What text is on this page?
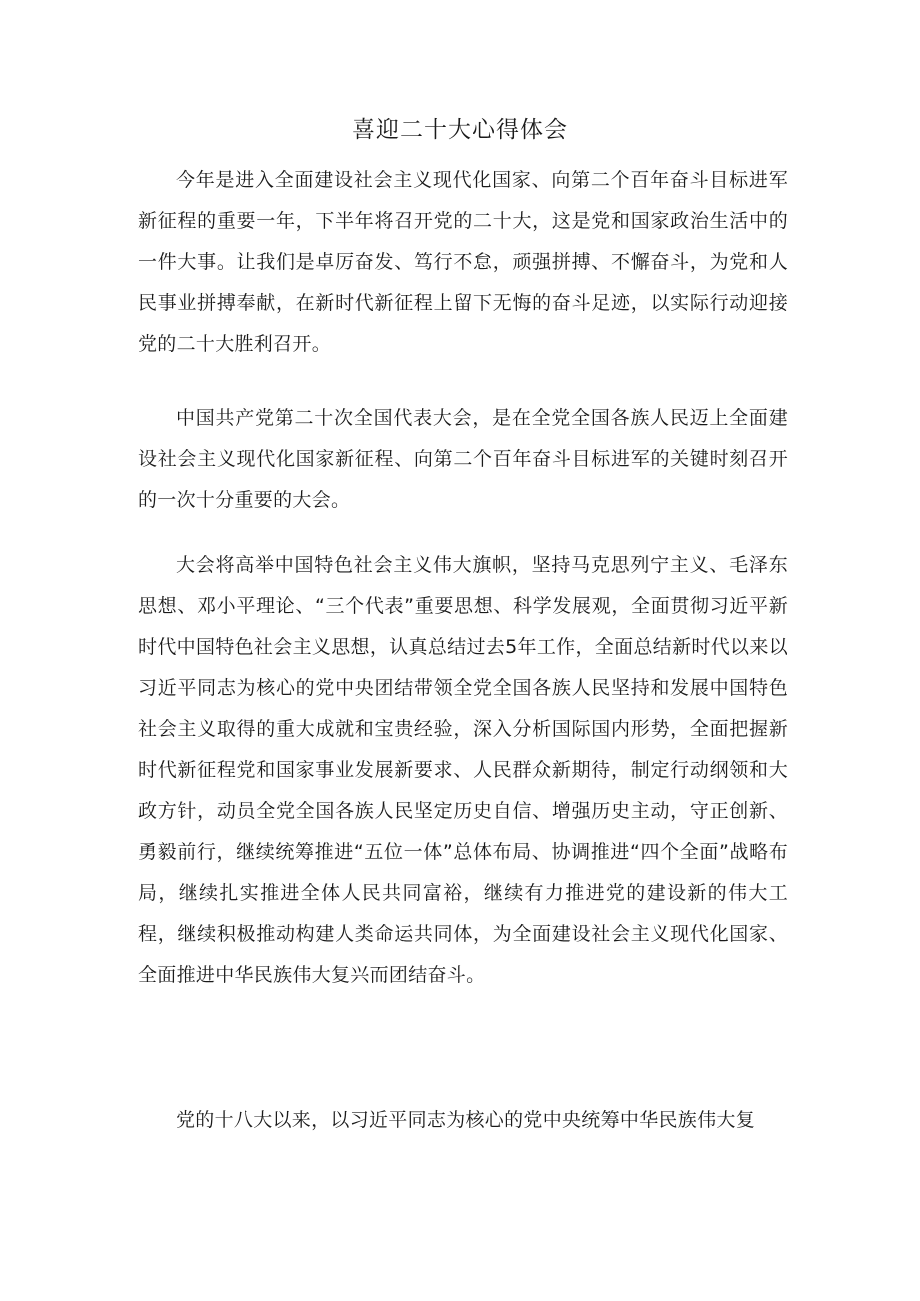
喜迎二十大心得体会

今年是进入全面建设社会主义现代化国家、向第二个百年奋斗目标进军新征程的重要一年，下半年将召开党的二十大，这是党和国家政治生活中的一件大事。让我们是卓厉奋发、笃行不怠，顽强拼搏、不懈奋斗，为党和人民事业拼搏奉献，在新时代新征程上留下无悔的奋斗足迹，以实际行动迎接党的二十大胜利召开。

中国共产党第二十次全国代表大会，是在全党全国各族人民迈上全面建设社会主义现代化国家新征程、向第二个百年奋斗目标进军的关键时刻召开的一次十分重要的大会。

大会将高举中国特色社会主义伟大旗帜，坚持马克思列宁主义、毛泽东思想、邓小平理论、“三个代表”重要思想、科学发展观，全面贯彻习近平新时代中国特色社会主义思想，认真总结过去5年工作，全面总结新时代以来以习近平同志为核心的党中央团结带领全党全国各族人民坚持和发展中国特色社会主义取得的重大成就和宝贵经验，深入分析国际国内形势，全面把握新时代新征程党和国家事业发展新要求、人民群众新期待，制定行动纲领和大政方针，动员全党全国各族人民坚定历史自信、增强历史主动，守正创新、勇毅前行，继续统筹推进“五位一体”总体布局、协调推进“四个全面”战略布局，继续扎实推进全体人民共同富裕，继续有力推进党的建设新的伟大工程，继续积极推动构建人类命运共同体，为全面建设社会主义现代化国家、全面推进中华民族伟大复兴而团结奋斗。

党的十八大以来，以习近平同志为核心的党中央统筹中华民族伟大复
